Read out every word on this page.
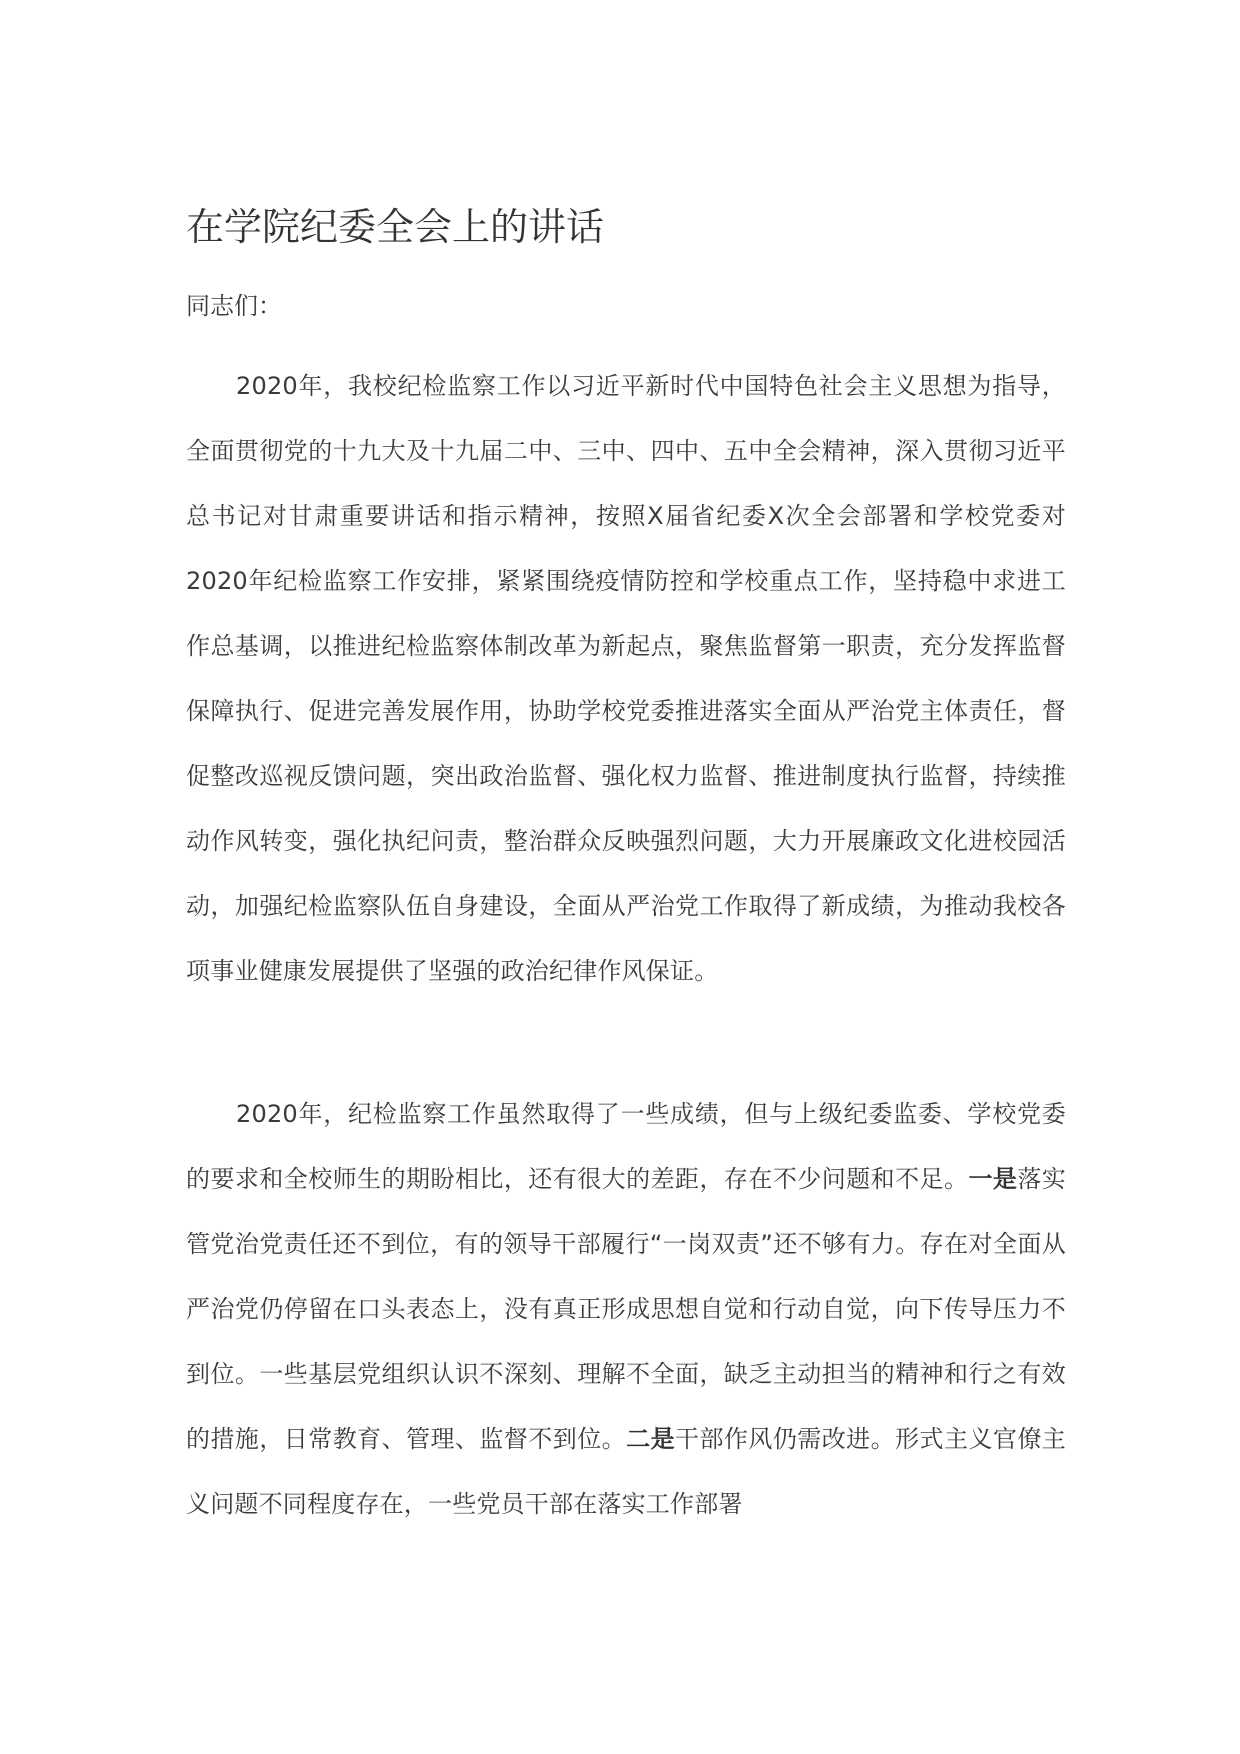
在学院纪委全会上的讲话

同志们：

2020年，我校纪检监察工作以习近平新时代中国特色社会主义思想为指导，全面贯彻党的十九大及十九届二中、三中、四中、五中全会精神，深入贯彻习近平总书记对甘肃重要讲话和指示精神，按照X届省纪委X次全会部署和学校党委对2020年纪检监察工作安排，紧紧围绕疫情防控和学校重点工作，坚持稳中求进工作总基调，以推进纪检监察体制改革为新起点，聚焦监督第一职责，充分发挥监督保障执行、促进完善发展作用，协助学校党委推进落实全面从严治党主体责任，督促整改巡视反馈问题，突出政治监督、强化权力监督、推进制度执行监督，持续推动作风转变，强化执纪问责，整治群众反映强烈问题，大力开展廉政文化进校园活动，加强纪检监察队伍自身建设，全面从严治党工作取得了新成绩，为推动我校各项事业健康发展提供了坚强的政治纪律作风保证。

2020年，纪检监察工作虽然取得了一些成绩，但与上级纪委监委、学校党委的要求和全校师生的期盼相比，还有很大的差距，存在不少问题和不足。一是落实管党治党责任还不到位，有的领导干部履行“一岗双责”还不够有力。存在对全面从严治党仍停留在口头表态上，没有真正形成思想自觉和行动自觉，向下传导压力不到位。一些基层党组织认识不深刻、理解不全面，缺乏主动担当的精神和行之有效的措施，日常教育、管理、监督不到位。二是干部作风仍需改进。形式主义官僚主义问题不同程度存在，一些党员干部在落实工作部署
